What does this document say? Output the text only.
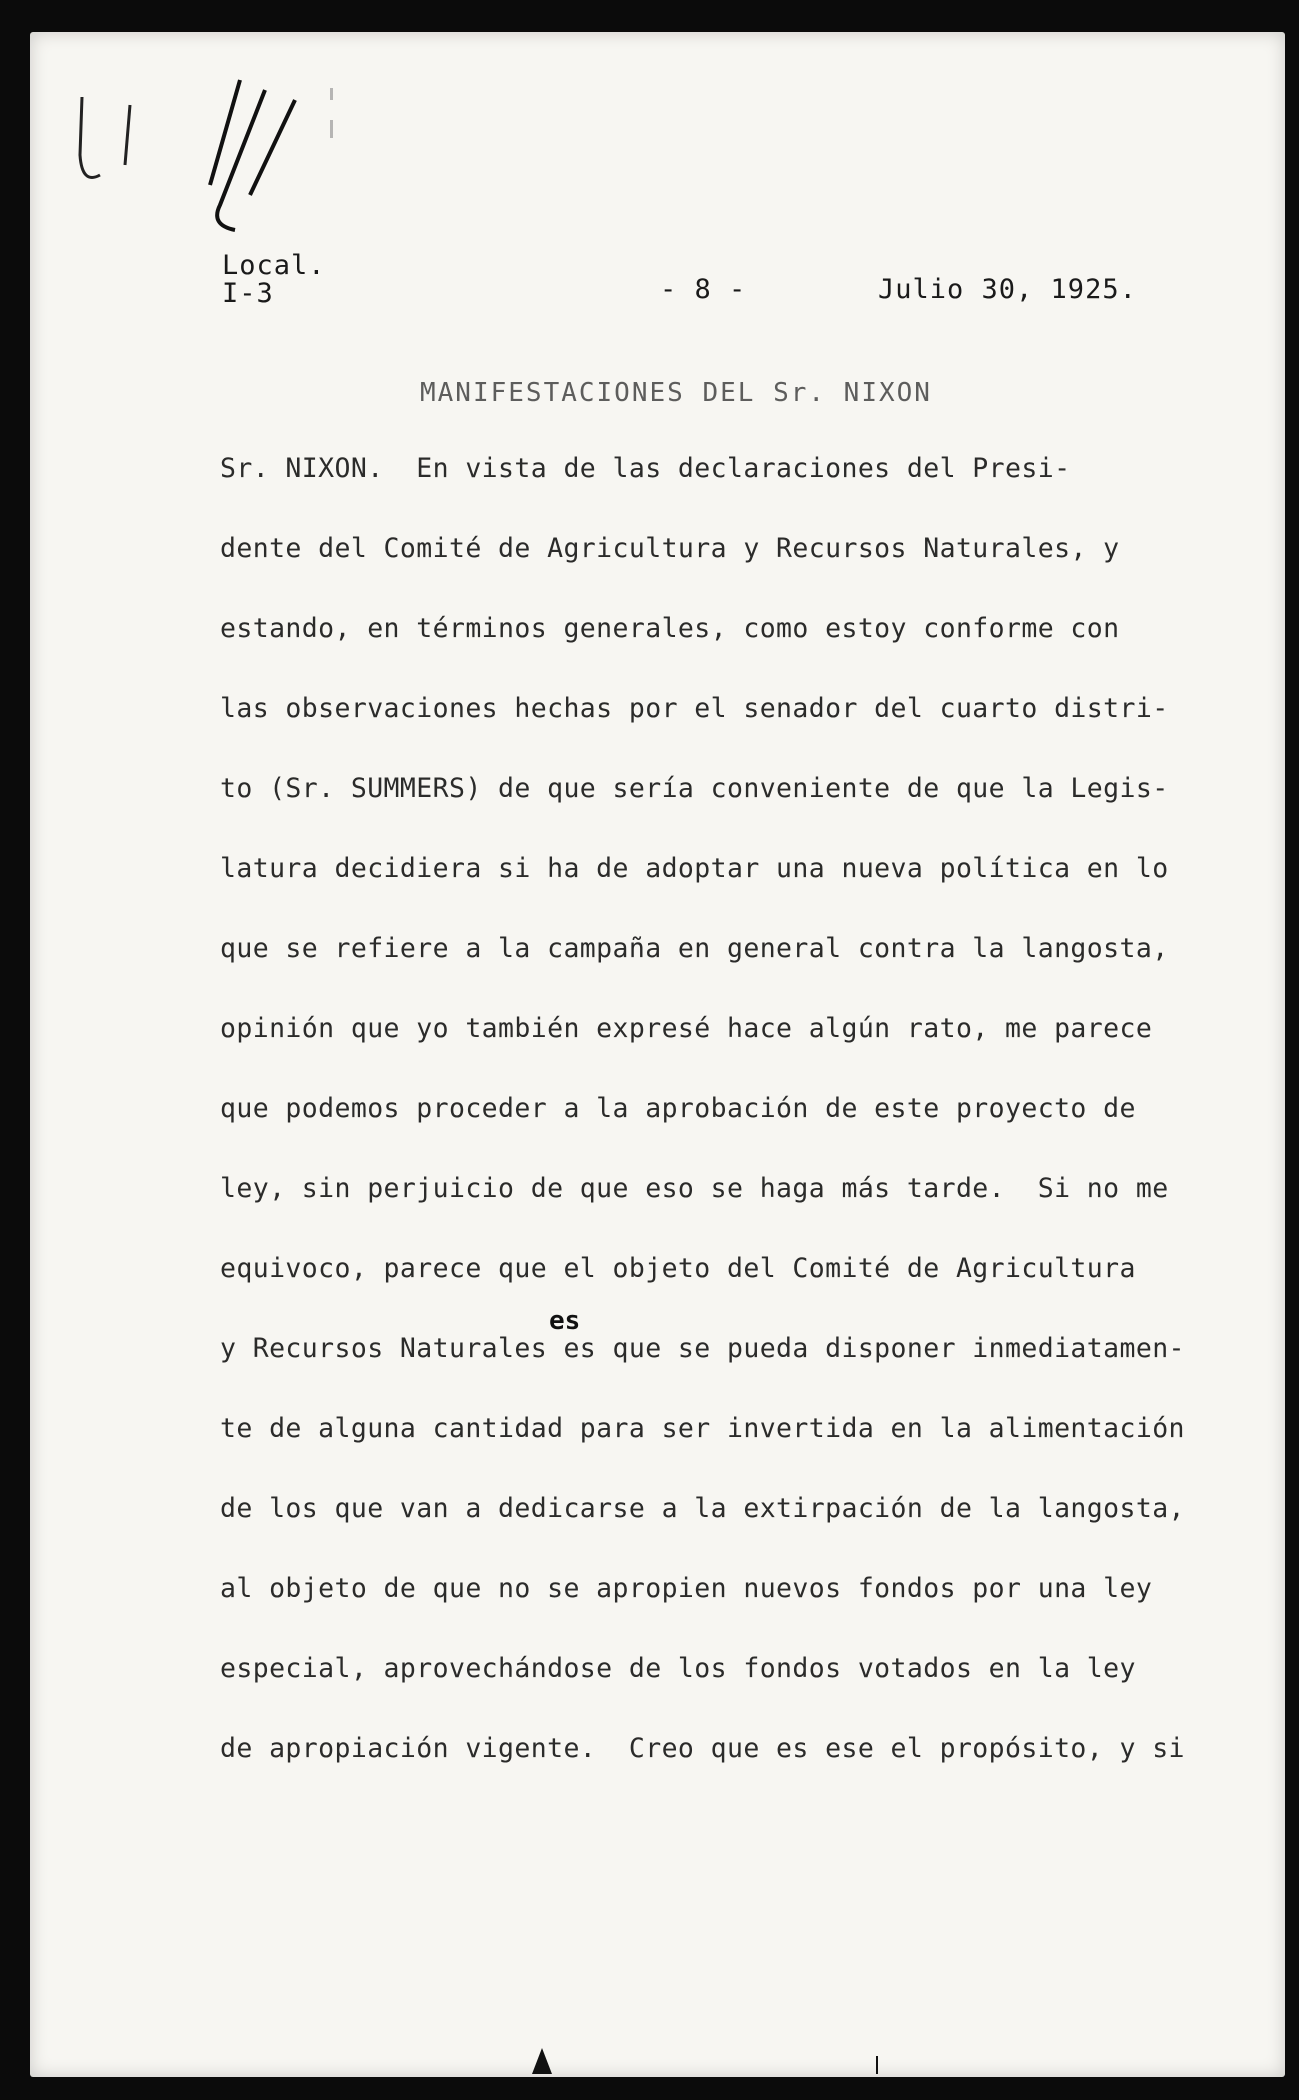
Local.
I-3	- 8 -	Julio 30, 1925.
MANIFESTACIONES DEL Sr. NIXON
es
Sr. NIXON.  En vista de las declaraciones del Presi-
dente del Comité de Agricultura y Recursos Naturales, y
estando, en términos generales, como estoy conforme con
las observaciones hechas por el senador del cuarto distri-
to (Sr. SUMMERS) de que sería conveniente de que la Legis-
latura decidiera si ha de adoptar una nueva política en lo
que se refiere a la campaña en general contra la langosta,
opinión que yo también expresé hace algún rato, me parece
que podemos proceder a la aprobación de este proyecto de
ley, sin perjuicio de que eso se haga más tarde.  Si no me
equivoco, parece que el objeto del Comité de Agricultura
y Recursos Naturales es que se pueda disponer inmediatamen-
te de alguna cantidad para ser invertida en la alimentación
de los que van a dedicarse a la extirpación de la langosta,
al objeto de que no se apropien nuevos fondos por una ley
especial, aprovechándose de los fondos votados en la ley
de apropiación vigente.  Creo que es ese el propósito, y si
